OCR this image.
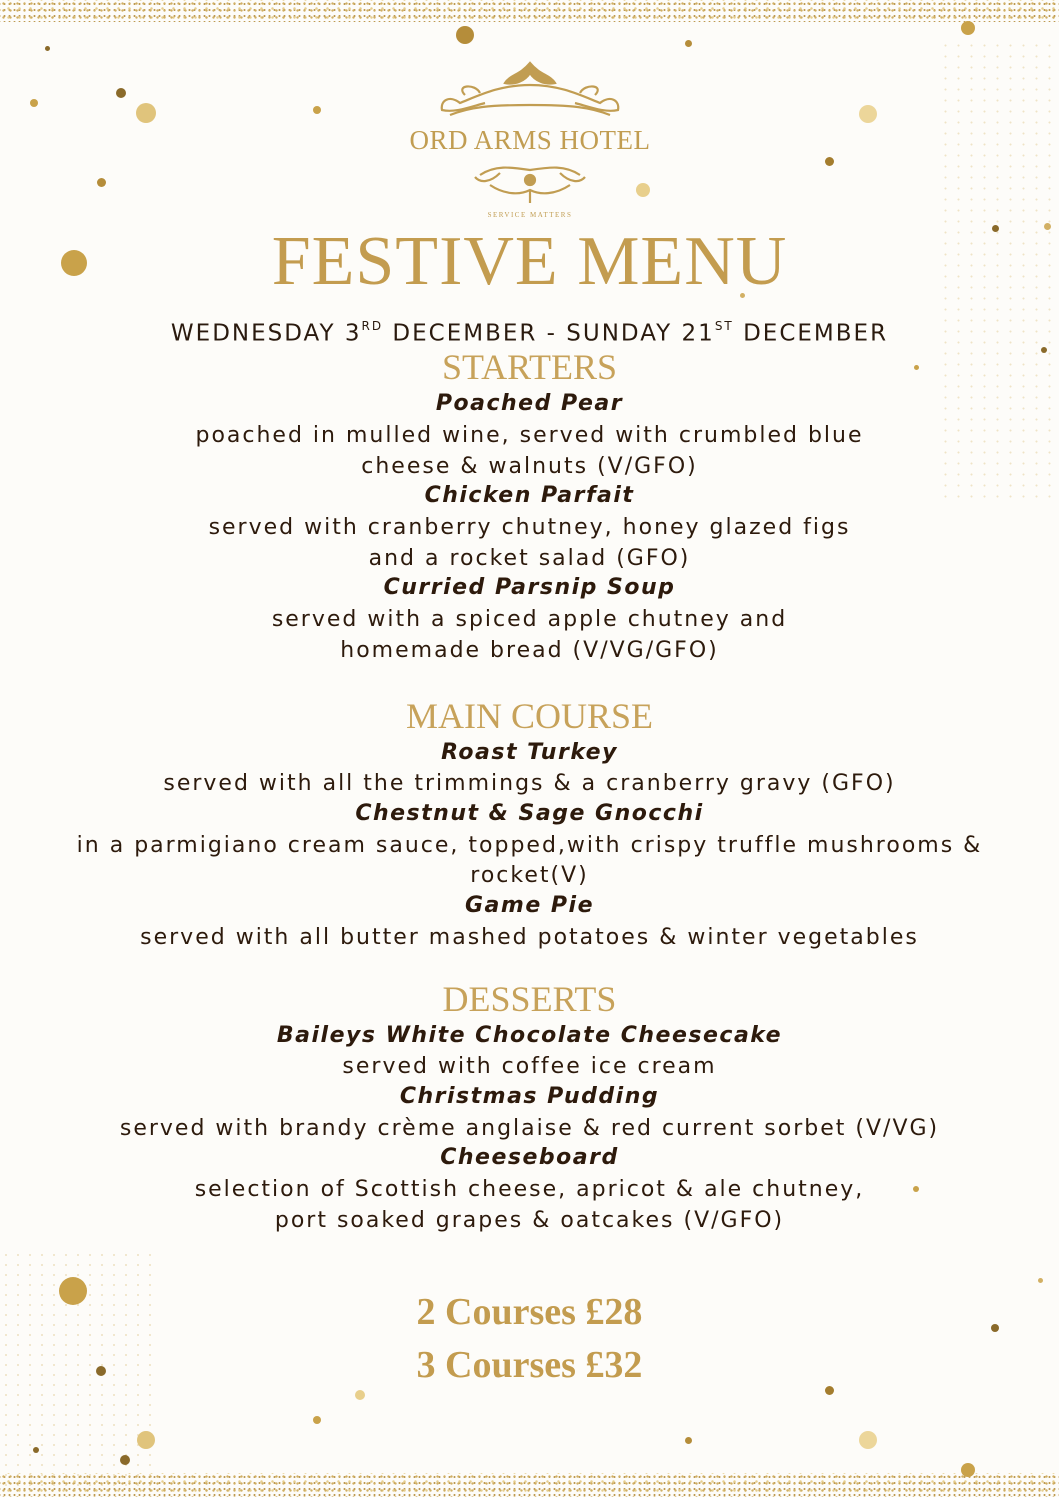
ORD ARMS HOTEL
SERVICE MATTERS
FESTIVE MENU
WEDNESDAY 3RD DECEMBER - SUNDAY 21ST DECEMBER
STARTERS
Poached Pear
poached in mulled wine, served with crumbled blue
cheese & walnuts (V/GFO)
Chicken Parfait
served with cranberry chutney, honey glazed figs
and a rocket salad (GFO)
Curried Parsnip Soup
served with a spiced apple chutney and
homemade bread (V/VG/GFO)
MAIN COURSE
Roast Turkey
served with all the trimmings & a cranberry gravy (GFO)
Chestnut & Sage Gnocchi
in a parmigiano cream sauce, topped,with crispy truffle mushrooms &
rocket(V)
Game Pie
served with all butter mashed potatoes & winter vegetables
DESSERTS
Baileys White Chocolate Cheesecake
served with coffee ice cream
Christmas Pudding
served with brandy crème anglaise & red current sorbet (V/VG)
Cheeseboard
selection of Scottish cheese, apricot & ale chutney,
port soaked grapes & oatcakes (V/GFO)
2 Courses £28
3 Courses £32
